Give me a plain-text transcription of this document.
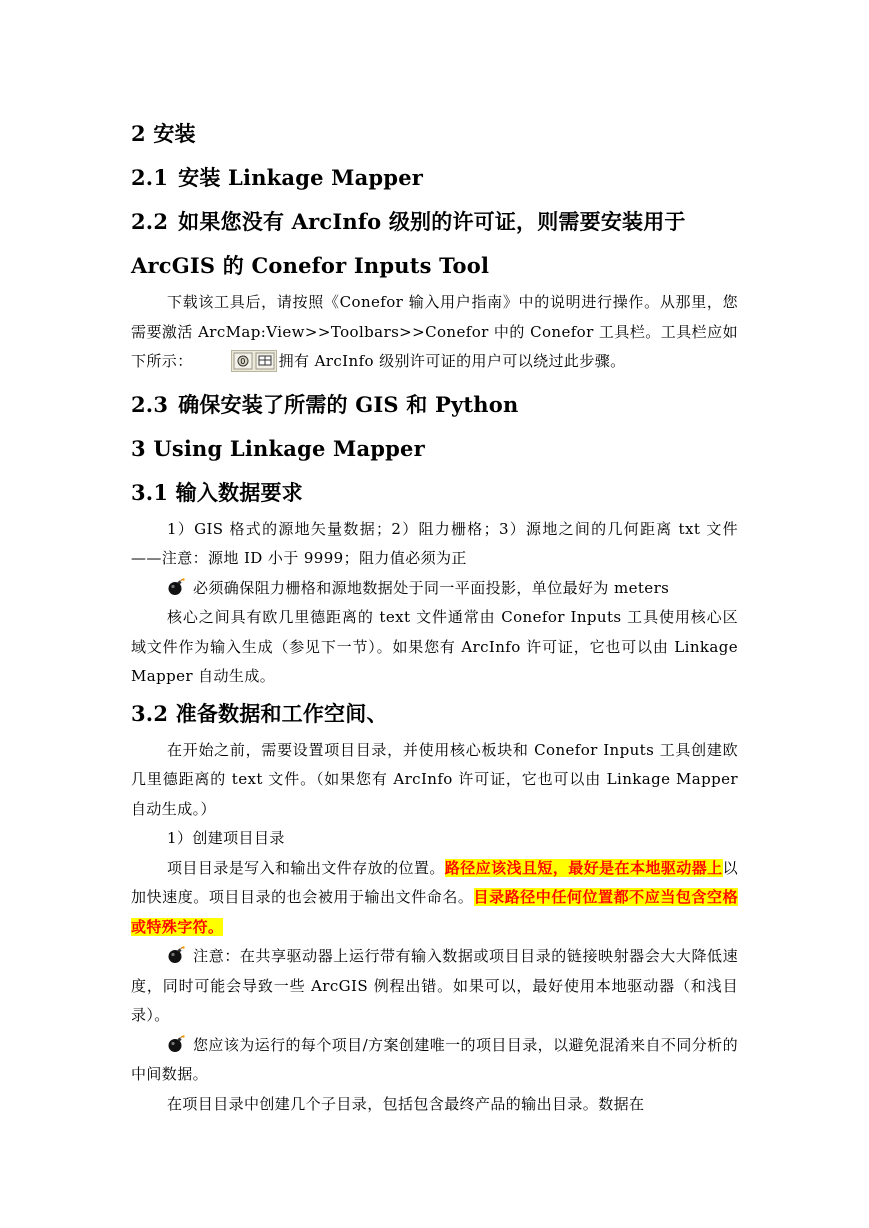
2 安装

2.1 安装 Linkage Mapper

2.2 如果您没有 ArcInfo 级别的许可证，则需要安装用于
ArcGIS 的 Conefor Inputs Tool

下载该工具后，请按照《Conefor 输入用户指南》中的说明进行操作。从那里，您需要激活 ArcMap:View>>Toolbars>>Conefor 中的 Conefor 工具栏。工具栏应如下所示：	0 拥有 ArcInfo 级别许可证的用户可以绕过此步骤。

2.3 确保安装了所需的 GIS 和 Python

3 Using Linkage Mapper

3.1 输入数据要求

1）GIS 格式的源地矢量数据；2）阻力栅格；3）源地之间的几何距离 txt 文件——注意：源地 ID 小于 9999；阻力值必须为正

必须确保阻力栅格和源地数据处于同一平面投影，单位最好为 meters

核心之间具有欧几里德距离的 text 文件通常由 Conefor Inputs 工具使用核心区域文件作为输入生成（参见下一节）。如果您有 ArcInfo 许可证，它也可以由 Linkage Mapper 自动生成。

3.2 准备数据和工作空间、

在开始之前，需要设置项目目录，并使用核心板块和 Conefor Inputs 工具创建欧几里德距离的 text 文件。（如果您有 ArcInfo 许可证，它也可以由 Linkage Mapper 自动生成。）

1）创建项目目录

项目目录是写入和输出文件存放的位置。路径应该浅且短，最好是在本地驱动器上以加快速度。项目目录的也会被用于输出文件命名。目录路径中任何位置都不应当包含空格或特殊字符。

注意：在共享驱动器上运行带有输入数据或项目目录的链接映射器会大大降低速度，同时可能会导致一些 ArcGIS 例程出错。如果可以，最好使用本地驱动器（和浅目录）。

您应该为运行的每个项目/方案创建唯一的项目目录，以避免混淆来自不同分析的中间数据。

在项目目录中创建几个子目录，包括包含最终产品的输出目录。数据在
